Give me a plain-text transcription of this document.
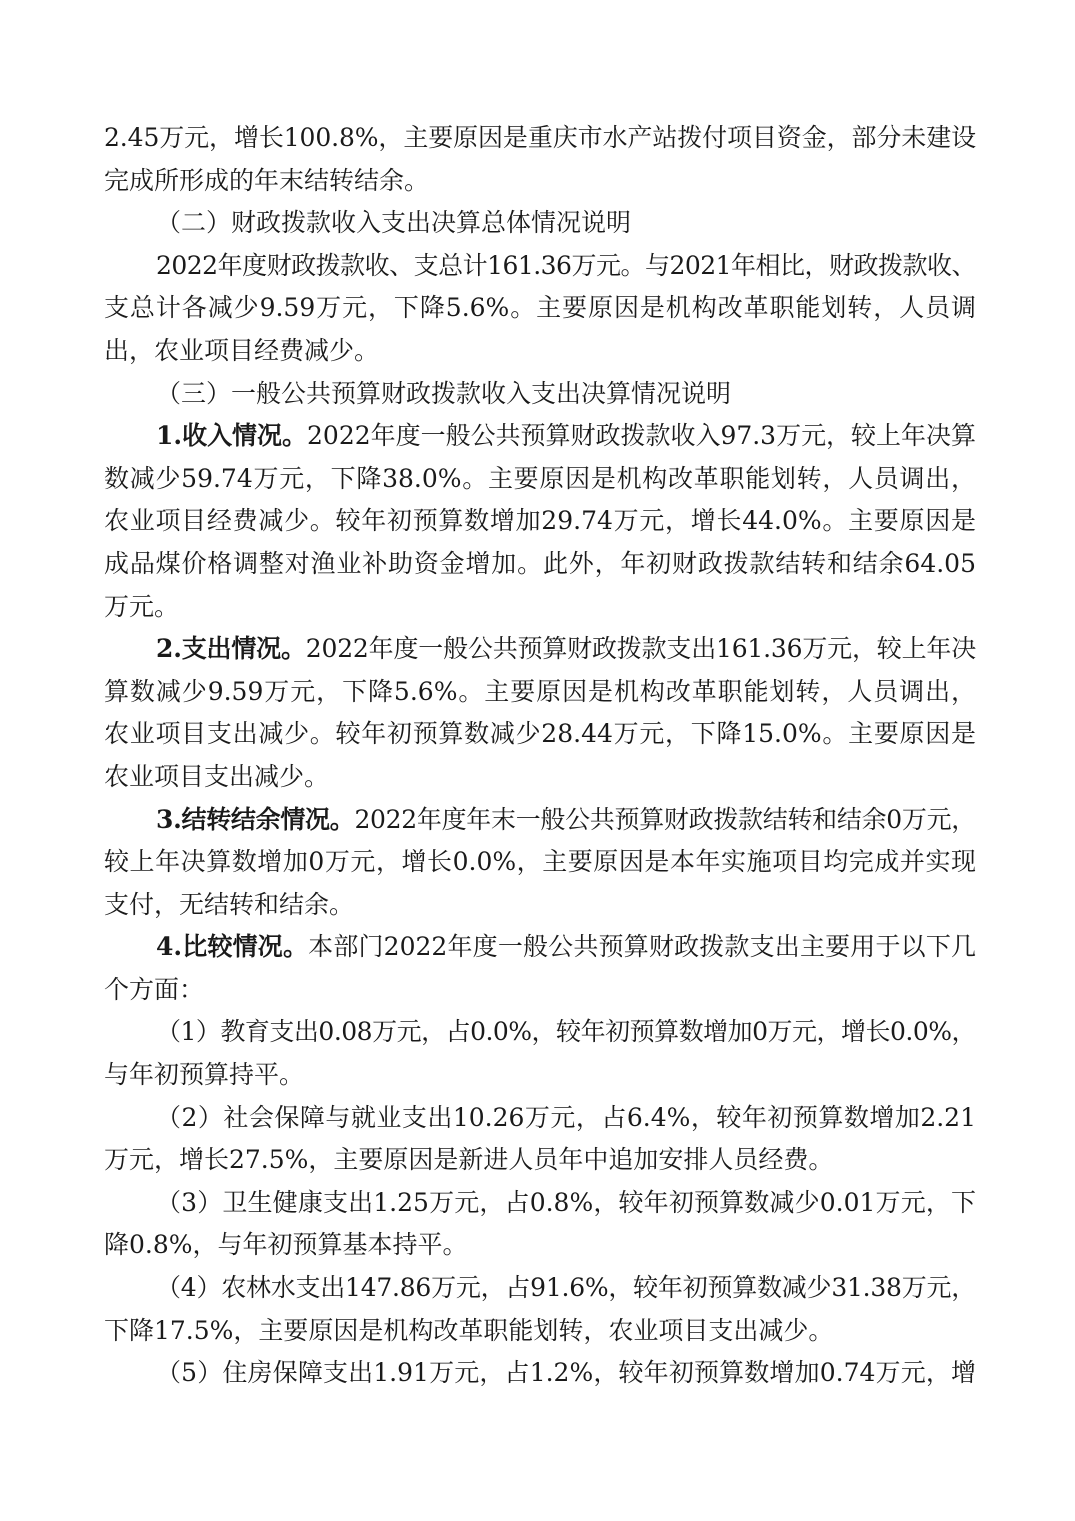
2.45万元，增长100.8%，主要原因是重庆市水产站拨付项目资金，部分未建设
完成所形成的年末结转结余。
（二）财政拨款收入支出决算总体情况说明
2022年度财政拨款收、支总计161.36万元。与2021年相比，财政拨款收、
支总计各减少9.59万元，下降5.6%。主要原因是机构改革职能划转，人员调
出，农业项目经费减少。
（三）一般公共预算财政拨款收入支出决算情况说明
1.收入情况。2022年度一般公共预算财政拨款收入97.3万元，较上年决算
数减少59.74万元，下降38.0%。主要原因是机构改革职能划转，人员调出，
农业项目经费减少。较年初预算数增加29.74万元，增长44.0%。主要原因是
成品煤价格调整对渔业补助资金增加。此外，年初财政拨款结转和结余64.05
万元。
2.支出情况。2022年度一般公共预算财政拨款支出161.36万元，较上年决
算数减少9.59万元，下降5.6%。主要原因是机构改革职能划转，人员调出，
农业项目支出减少。较年初预算数减少28.44万元，下降15.0%。主要原因是
农业项目支出减少。
3.结转结余情况。2022年度年末一般公共预算财政拨款结转和结余0万元，
较上年决算数增加0万元，增长0.0%，主要原因是本年实施项目均完成并实现
支付，无结转和结余。
4.比较情况。本部门2022年度一般公共预算财政拨款支出主要用于以下几
个方面：
（1）教育支出0.08万元，占0.0%，较年初预算数增加0万元，增长0.0%，
与年初预算持平。
（2）社会保障与就业支出10.26万元，占6.4%，较年初预算数增加2.21
万元，增长27.5%，主要原因是新进人员年中追加安排人员经费。
（3）卫生健康支出1.25万元，占0.8%，较年初预算数减少0.01万元，下
降0.8%，与年初预算基本持平。
（4）农林水支出147.86万元，占91.6%，较年初预算数减少31.38万元，
下降17.5%，主要原因是机构改革职能划转，农业项目支出减少。
（5）住房保障支出1.91万元，占1.2%，较年初预算数增加0.74万元，增
